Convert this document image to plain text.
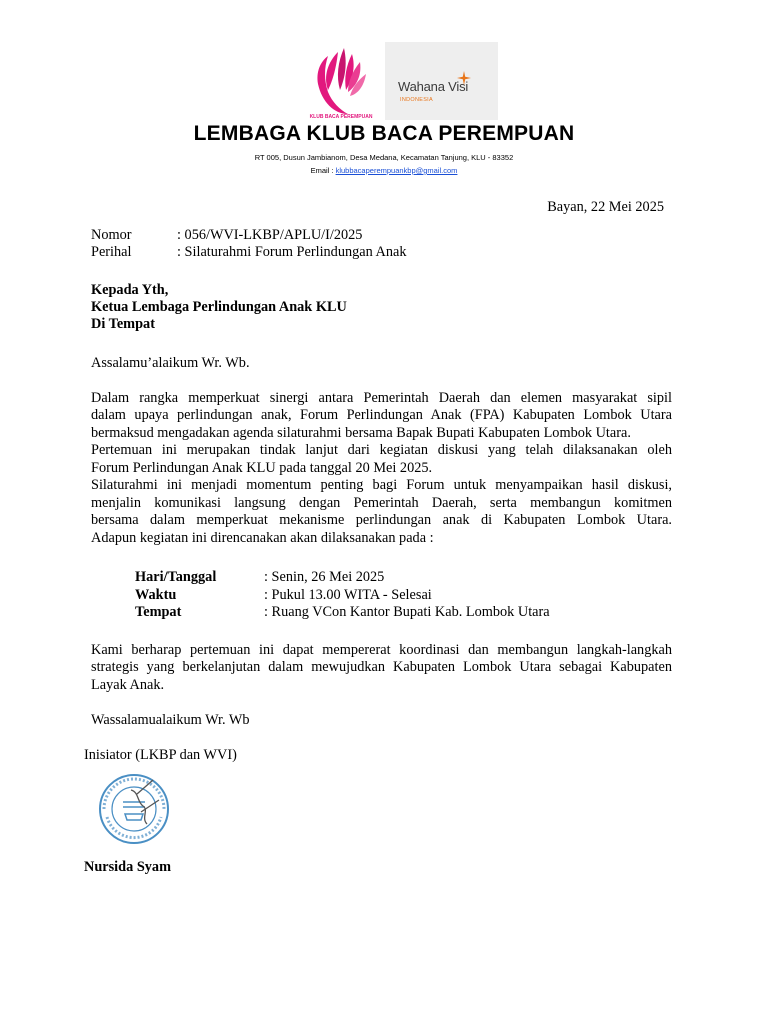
KLUB BACA PEREMPUAN
Wahana Visi
INDONESIA
LEMBAGA KLUB BACA PEREMPUAN
RT 005, Dusun Jambianom, Desa Medana, Kecamatan Tanjung, KLU - 83352
Email : klubbacaperempuankbp@gmail.com
Bayan, 22 Mei 2025
Nomor	: 056/WVI-LKBP/APLU/I/2025
Perihal	: Silaturahmi Forum Perlindungan Anak
Kepada Yth,
Ketua Lembaga Perlindungan Anak KLU
Di Tempat
Assalamu’alaikum Wr. Wb.
Dalam rangka memperkuat sinergi antara Pemerintah Daerah dan elemen masyarakat sipil
dalam upaya perlindungan anak, Forum Perlindungan Anak (FPA) Kabupaten Lombok Utara
bermaksud mengadakan agenda silaturahmi bersama Bapak Bupati Kabupaten Lombok Utara.
Pertemuan ini merupakan tindak lanjut dari kegiatan diskusi yang telah dilaksanakan oleh
Forum Perlindungan Anak KLU pada tanggal 20 Mei 2025.
Silaturahmi ini menjadi momentum penting bagi Forum untuk menyampaikan hasil diskusi,
menjalin komunikasi langsung dengan Pemerintah Daerah, serta membangun komitmen
bersama dalam memperkuat mekanisme perlindungan anak di Kabupaten Lombok Utara.
Adapun kegiatan ini direncanakan akan dilaksanakan pada :
Hari/Tanggal	: Senin, 26 Mei 2025
Waktu	: Pukul 13.00 WITA - Selesai
Tempat	: Ruang VCon Kantor Bupati Kab. Lombok Utara
Kami berharap pertemuan ini dapat mempererat koordinasi dan membangun langkah-langkah
strategis yang berkelanjutan dalam mewujudkan Kabupaten Lombok Utara sebagai Kabupaten
Layak Anak.
Wassalamualaikum Wr. Wb
Inisiator (LKBP dan WVI)
Nursida Syam
